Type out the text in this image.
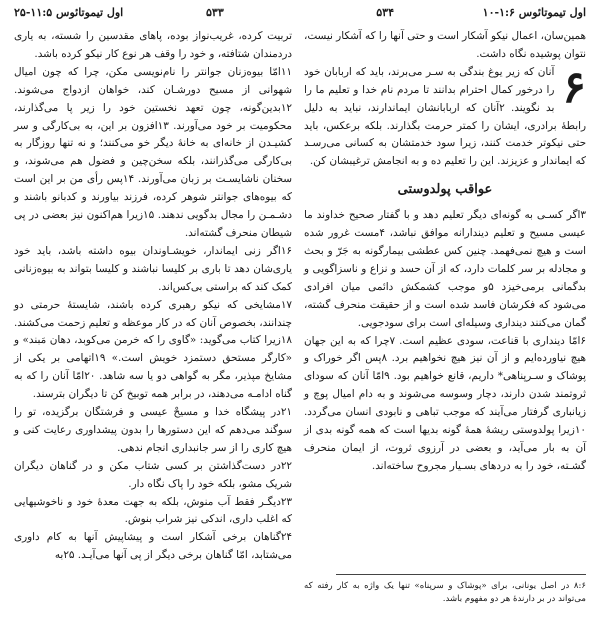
اول تیموتائوس ۱:۶-۱۰
۵۳۴
۵۳۳
اول تیموتائوس ۱۱:۵-۲۵

همین‌سان، اعمال نیکو آشکار است و حتی آنها را که آشکار نیست، نتوان پوشیده نگاه داشت.

۶

آنان که زیر یوغ بندگی به سـر می‌برند، باید که اربابان خود را درخور کمال احترام بدانند تا مردم نام خدا و تعلیم ما را بد نگویند. ۲آنان که اربابانشان ایماندارند، نباید به دلیل رابطهٔ برادری، ایشان را کمتر حرمت بگذارند. بلکه برعکس، باید حتی نیکوتر خدمت کنند، زیرا سود خدمتشان به کسانی می‌رسـد که ایماندار و عزیزند. این را تعلیم ده و به انجامش ترغیبشان کن.

عواقب پولدوستی

۳اگر کسـی به گونه‌ای دیگر تعلیم دهد و با گفتار صحیح خداوند ما عیسی مسیح و تعلیم دیندارانه موافق نباشد، ۴مست غرور شده است و هیچ نمی‌فهمد. چنین کس عطشی بیمارگونه به جَرّ و بحث و مجادله بر سر کلمات دارد، که از آن حسد و نزاع و ناسزاگویی و بدگمانی برمی‌خیزد ۵و موجب کشمکش دائمی میان افرادی می‌شود که فکرشان فاسد شده است و از حقیقت منحرف گشته، گمان می‌کنند دینداری وسیله‌ای است برای سودجویی.

۶امّا دینداری با قناعت، سودی عظیم است. ۷چرا که به این جهان هیچ نیاورده‌ایم و از آن نیز هیچ نخواهیم برد. ۸پس اگر خوراک و پوشاک و سـرپناهی* داریم، قانع خواهیم بود. ۹امّا آنان که سودای ثروتمند شدن دارند، دچار وسوسه می‌شوند و به دام امیال پوچ و زیانباری گرفتار می‌آیند که موجب تباهی و نابودی انسان می‌گردد. ۱۰زیرا پولدوستی ریشهٔ همهٔ گونه بدیها است که همه گونه بدی از آن به بار می‌آید، و بعضی در آرزوی ثروت، از ایمان منحرف گشـته، خود را به دردهای بسـیار مجروح ساخته‌اند.

۸:۶ در اصل یونانی، برای «پوشاک و سرپناه» تنها یک واژه به کار رفته که می‌تواند در بر دارندهٔ هر دو مفهوم باشد.

تربیت کرده، غریب‌نواز بوده، پاهای مقدسین را شسته، به یاری دردمندان شتافته، و خود را وقف هر نوع کار نیکو کرده باشد.

۱۱امّا بیوه‌زنان جوانتر را نام‌نویسی مکن، چرا که چون امیال شهوانی از مسیح دورشـان کند، خواهان ازدواج می‌شوند. ۱۲بدین‌گونه، چون تعهد نخستین خود را زیر پا می‌گذارند، محکومیت بر خود می‌آورند. ۱۳افزون بر این، به بی‌کارگی و سر کشیـدن از خانه‌ای به خانهٔ دیگر خو می‌کنند؛ و نه تنها روزگار به بی‌کارگی می‌گذرانند، بلکه سخن‌چین و فضول هم می‌شوند، و سخنان ناشایسـت بر زبان می‌آورند. ۱۴پس رأی من بر این است که بیوه‌های جوانتر شوهر کرده، فرزند بیاورند و کدبانو باشند و دشـمـن را مجال بدگویی ندهند. ۱۵زیرا هم‌اکنون نیز بعضی در پی شیطان منحرف گشته‌اند.

۱۶اگر زنی ایماندار، خویشـاوندان بیوه داشته باشد، باید خود یاری‌شان دهد تا باری بر کلیسا نباشند و کلیسا بتواند به بیوه‌زنانی کمک کند که براستی بی‌کس‌اند.

۱۷مشایخی که نیکو رهبری کرده باشند، شایستهٔ حرمتی دو چندانند، بخصوص آنان که در کار موعظه و تعلیم زحمت می‌کشند. ۱۸زیرا کتاب می‌گوید: «گاوی را که خرمن می‌کوبد، دهان مَبند» و «کارگر مستحق دستمزد خویش است.» ۱۹اتهامی بر یکی از مشایخ مپذیر، مگر به گواهی دو یا سه شاهد. ۲۰امّا آنان را که به گناه ادامـه می‌دهند، در برابر همه توبیخ کن تا دیگران بترسند.

۲۱در پیشگاه خدا و مسیحْ عیسی و فرشتگان برگزیده، تو را سوگند می‌دهم که این دستورها را بدون پیشداوری رعایت کنی و هیچ کاری را از سر جانبداری انجام ندهی.

۲۲در دست‌گذاشتن بر کسی شتاب مکن و در گناهان دیگران شریک مشو، بلکه خود را پاک نگاه دار.

۲۳دیگـر فقط آب منوش، بلکه به جهت معدهٔ خود و ناخوشیهایی که اغلب داری، اندکی نیز شراب بنوش.

۲۴گناهان برخی آشکار است و پیشاپیش آنها به کام داوری می‌شتابد، امّا گناهان برخی دیگر از پی آنها می‌آیـد. ۲۵به
